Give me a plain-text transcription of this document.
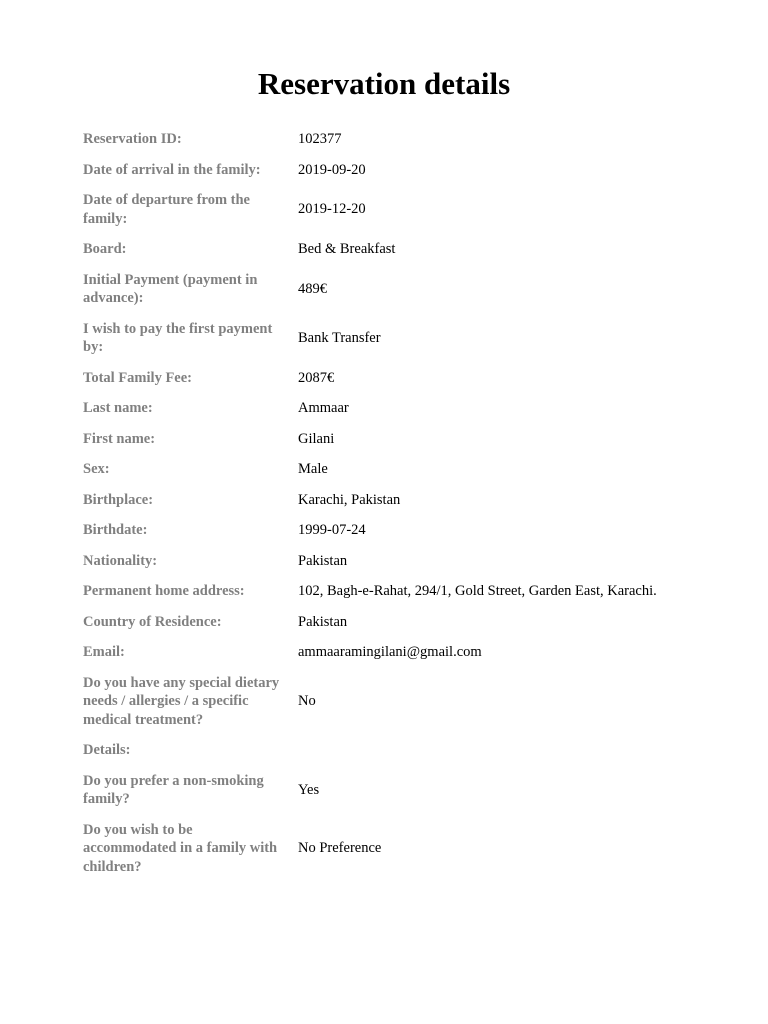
Reservation details
Reservation ID:	102377
Date of arrival in the family:	2019-09-20
Date of departure from the family:	2019-12-20
Board:	Bed & Breakfast
Initial Payment (payment in advance):	489€
I wish to pay the first payment by:	Bank Transfer
Total Family Fee:	2087€
Last name:	Ammaar
First name:	Gilani
Sex:	Male
Birthplace:	Karachi, Pakistan
Birthdate:	1999-07-24
Nationality:	Pakistan
Permanent home address:	102, Bagh-e-Rahat, 294/1, Gold Street, Garden East, Karachi.
Country of Residence:	Pakistan
Email:	ammaaramingilani@gmail.com
Do you have any special dietary needs / allergies / a specific medical treatment?	No
Details:	
Do you prefer a non-smoking family?	Yes
Do you wish to be accommodated in a family with children?	No Preference
